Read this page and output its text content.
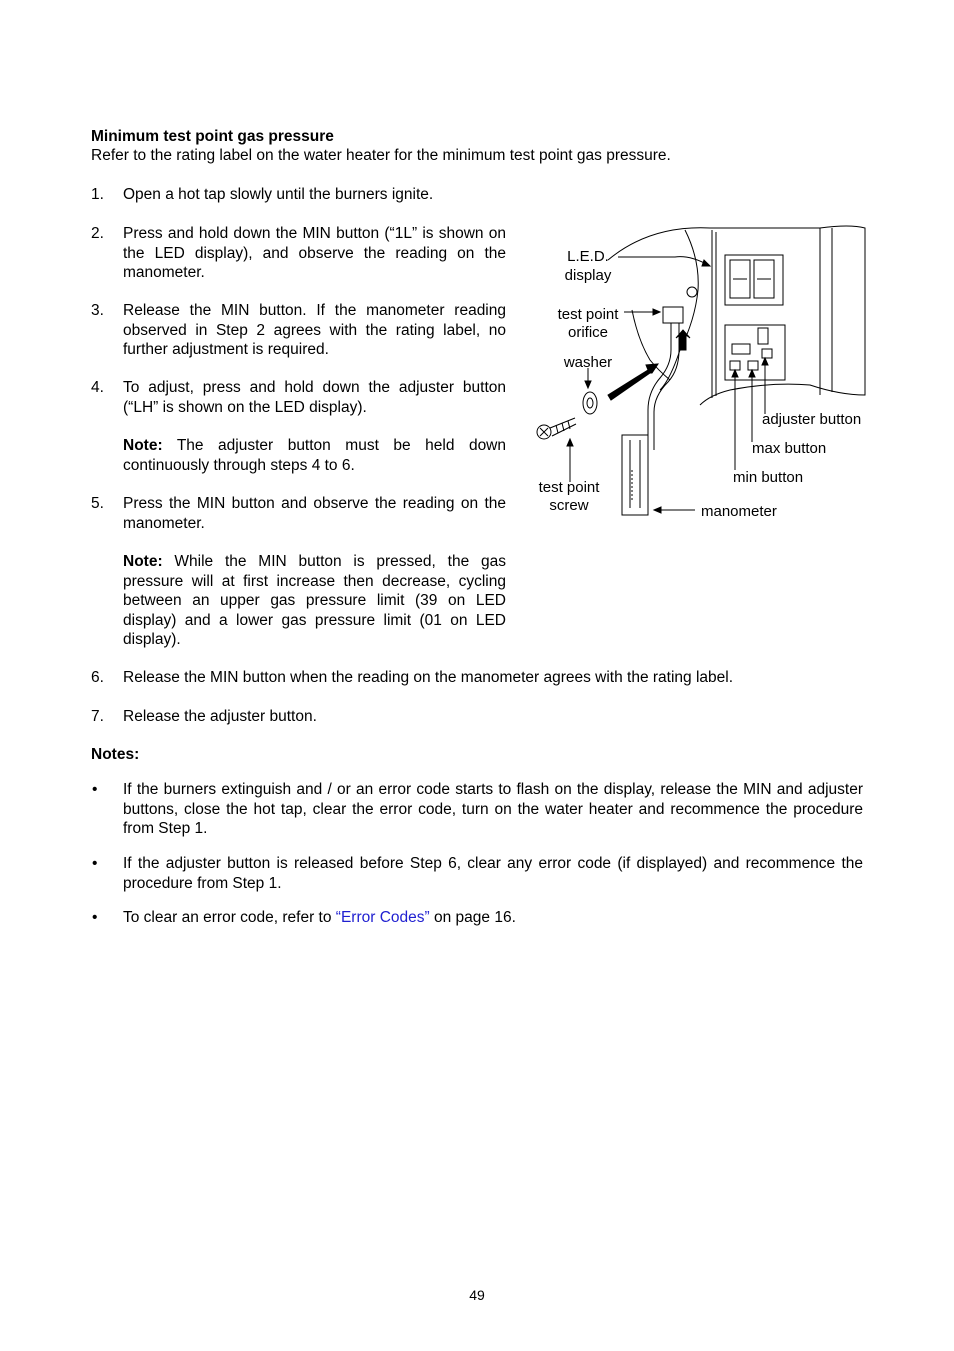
Minimum test point gas pressure
Refer to the rating label on the water heater for the minimum test point gas pressure.
1.	Open a hot tap slowly until the burners ignite.
2.	Press and hold down the MIN button (“1L” is shown on the LED display), and observe the reading on the manometer.
3.	Release the MIN button. If the manometer reading observed in Step 2 agrees with the rating label, no further adjustment is required.
4.	To adjust, press and hold down the adjuster button (“LH” is shown on the LED display).
Note: The adjuster button must be held down continuously through steps 4 to 6.
5.	Press the MIN button and observe the reading on the manometer.
Note: While the MIN button is pressed, the gas pressure will at first increase then decrease, cycling between an upper gas pressure limit (39 on LED display) and a lower gas pressure limit (01 on LED display).
6.	Release the MIN button when the reading on the manometer agrees with the rating label.
7.	Release the adjuster button.
Notes:
•	If the burners extinguish and / or an error code starts to flash on the display, release the MIN and adjuster buttons, close the hot tap, clear the error code, turn on the water heater and recommence the procedure from Step 1.
•	If the adjuster button is released before Step 6, clear any error code (if displayed) and recommence the procedure from Step 1.
•	To clear an error code, refer to “Error Codes” on page 16.
L.E.D.
display
test point
orifice
washer
test point
screw
adjuster button
max button
min button
manometer
49
